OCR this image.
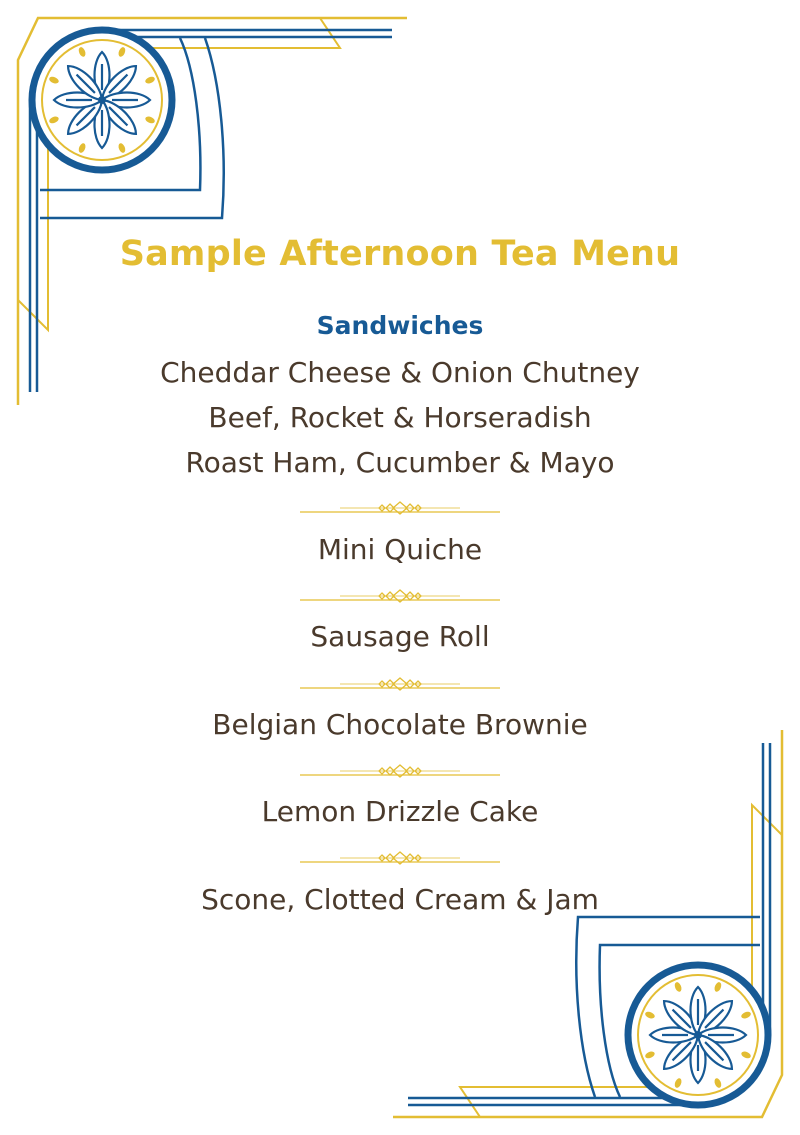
Sample Afternoon Tea Menu
Sandwiches

Cheddar Cheese & Onion Chutney

Beef, Rocket & Horseradish

Roast Ham, Cucumber & Mayo

Mini Quiche

Sausage Roll

Belgian Chocolate Brownie

Lemon Drizzle Cake

Scone, Clotted Cream & Jam
